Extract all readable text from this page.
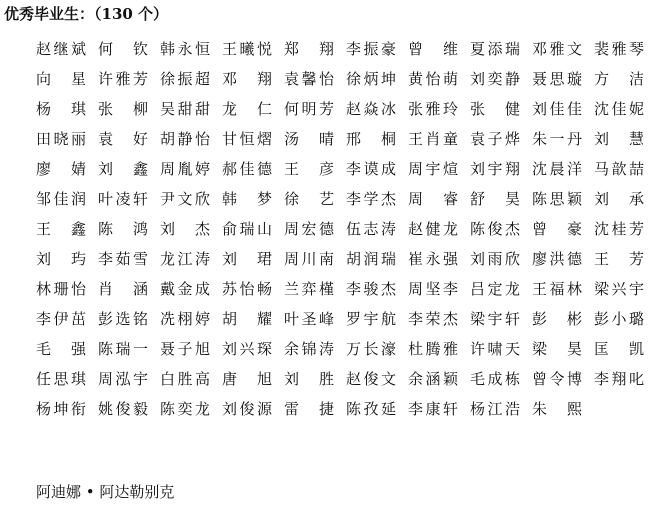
优秀毕业生：（130 个）
赵继斌 何　钦 韩永恒 王曦悦 郑　翔 李振豪 曾　维 夏添瑞 邓雅文 裴雅琴
向　星 许雅芳 徐振超 邓　翔 袁馨怡 徐炳坤 黄怡萌 刘奕静 聂思璇 方　洁
杨　琪 张　柳 吴甜甜 龙　仁 何明芳 赵焱冰 张雅玲 张　健 刘佳佳 沈佳妮
田晓丽 袁　好 胡静怡 甘恒熠 汤　晴 邢　桐 王肖童 袁子烨 朱一丹 刘　慧
廖　婧 刘　鑫 周胤婷 郝佳德 王　彦 李谟成 周宇煊 刘宇翔 沈晨洋 马歆喆
邹佳润 叶凌轩 尹文欣 韩　梦 徐　艺 李学杰 周　睿 舒　昊 陈思颖 刘　承
王　鑫 陈　鸿 刘　杰 俞瑞山 周宏德 伍志涛 赵健龙 陈俊杰 曾　豪 沈桂芳
刘　玙 李茹雪 龙江涛 刘　珺 周川南 胡润瑞 崔永强 刘雨欣 廖洪德 王　芳
林珊怡 肖　涵 戴金成 苏怡畅 兰弈槿 李骏杰 周坚李 吕定龙 王福林 梁兴宇
李伊茁 彭选铭 冼栩婷 胡　耀 叶圣峰 罗宇航 李荣杰 梁宇轩 彭　彬 彭小璐
毛　强 陈瑞一 聂子旭 刘兴琛 余锦涛 万长濠 杜腾雅 许啸天 梁　昊 匡　凯
任思琪 周泓宇 白胜高 唐　旭 刘　胜 赵俊文 余涵颖 毛成栋 曾令博 李翔叱
杨坤衔 姚俊毅 陈奕龙 刘俊源 雷　捷 陈孜延 李康轩 杨江浩 朱　熙
阿迪娜 • 阿达勒别克
